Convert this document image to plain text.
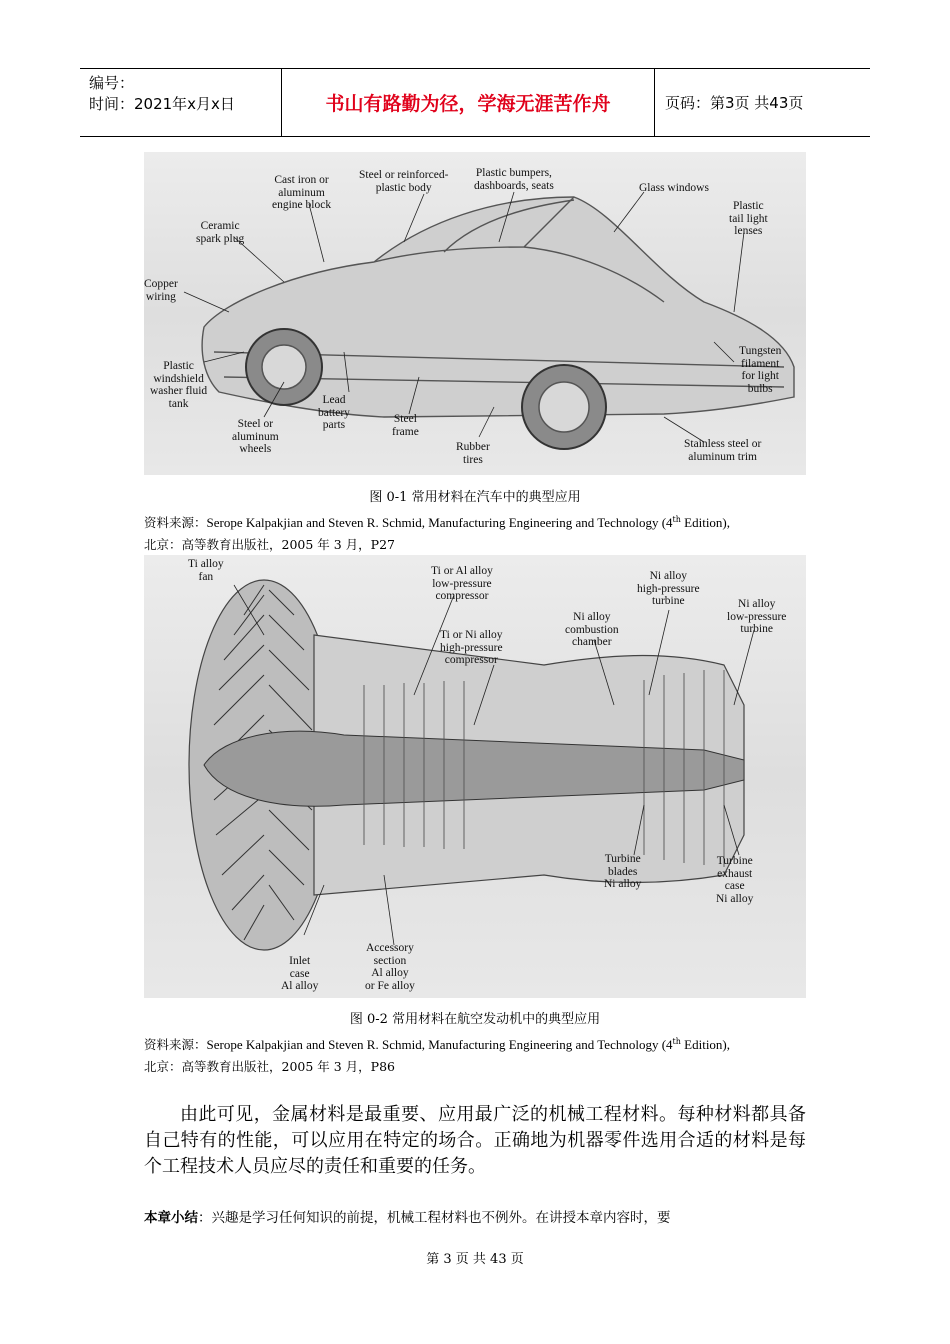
编号：
时间：2021年x月x日	书山有路勤为径，学海无涯苦作舟	页码：第3页 共43页
Cast iron or
aluminum
engine block
Steel or reinforced-
plastic body
Plastic bumpers,
dashboards, seats	Glass windows
Plastic
tail light
lenses
Ceramic
spark plug
Copper
wiring
Plastic
windshield
washer fluid
tank	Lead
battery
parts
Steel or
aluminum
wheels
Steel
frame
Rubber
tires
Tungsten
filament
for light
bulbs
Stainless steel or
aluminum trim
图 0-1 常用材料在汽车中的典型应用
资料来源：Serope Kalpakjian and Steven R. Schmid, Manufacturing Engineering and Technology (4th Edition),
北京：高等教育出版社，2005 年 3 月，P27
Ti alloy
fan	Ti or Al alloy
low-pressure
compressor
Ti or Ni alloy
high-pressure
compressor
Ni alloy
combustion
chamber
Ni alloy
high-pressure
turbine	Ni alloy
low-pressure
turbine
Turbine
blades
Ni alloy
Turbine
exhaust
case
Ni alloy
Inlet
case
Al alloy
Accessory
section
Al alloy
or Fe alloy
图 0-2 常用材料在航空发动机中的典型应用
资料来源：Serope Kalpakjian and Steven R. Schmid, Manufacturing Engineering and Technology (4th Edition),
北京：高等教育出版社，2005 年 3 月，P86
由此可见，金属材料是最重要、应用最广泛的机械工程材料。每种材料都具备自己特有的性能，可以应用在特定的场合。正确地为机器零件选用合适的材料是每个工程技术人员应尽的责任和重要的任务。
本章小结：兴趣是学习任何知识的前提，机械工程材料也不例外。在讲授本章内容时，要
第 3 页 共 43 页
